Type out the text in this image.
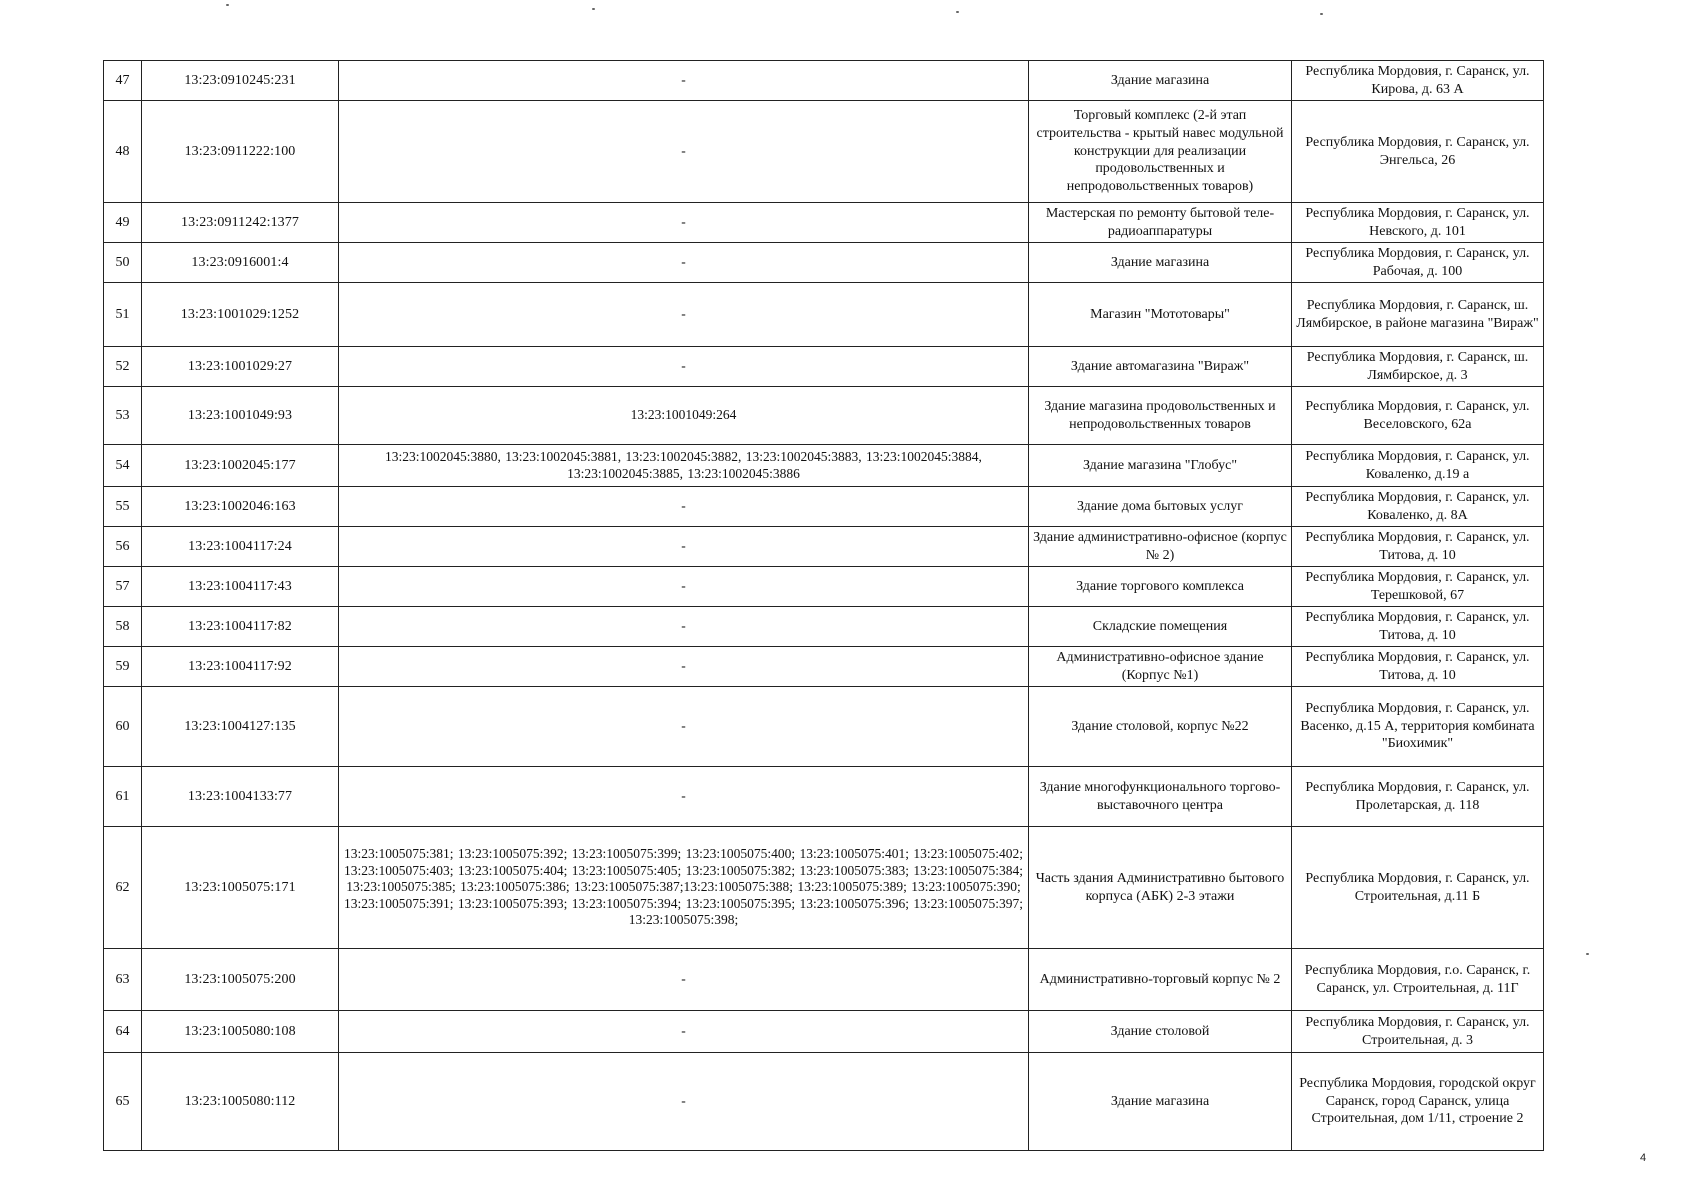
47	13:23:0910245:231	-	Здание магазина	Республика Мордовия, г. Саранск, ул. Кирова, д. 63 А
48	13:23:0911222:100	-	Торговый комплекс (2-й этап строительства - крытый навес модульной конструкции для реализации продовольственных и непродовольственных товаров)	Республика Мордовия, г. Саранск, ул. Энгельса, 26
49	13:23:0911242:1377	-	Мастерская по ремонту бытовой теле-радиоаппаратуры	Республика Мордовия, г. Саранск, ул. Невского, д. 101
50	13:23:0916001:4	-	Здание магазина	Республика Мордовия, г. Саранск, ул. Рабочая, д. 100
51	13:23:1001029:1252	-	Магазин "Мототовары"	Республика Мордовия, г. Саранск, ш. Лямбирское, в районе магазина "Вираж"
52	13:23:1001029:27	-	Здание автомагазина "Вираж"	Республика Мордовия, г. Саранск, ш. Лямбирское, д. 3
53	13:23:1001049:93	13:23:1001049:264	Здание магазина продовольственных и непродовольственных товаров	Республика Мордовия, г. Саранск, ул. Веселовского, 62а
54	13:23:1002045:177	13:23:1002045:3880, 13:23:1002045:3881, 13:23:1002045:3882, 13:23:1002045:3883, 13:23:1002045:3884, 13:23:1002045:3885, 13:23:1002045:3886	Здание магазина "Глобус"	Республика Мордовия, г. Саранск, ул. Коваленко, д.19 а
55	13:23:1002046:163	-	Здание дома бытовых услуг	Республика Мордовия, г. Саранск, ул. Коваленко, д. 8А
56	13:23:1004117:24	-	Здание административно-офисное (корпус № 2)	Республика Мордовия, г. Саранск, ул. Титова, д. 10
57	13:23:1004117:43	-	Здание торгового комплекса	Республика Мордовия, г. Саранск, ул. Терешковой, 67
58	13:23:1004117:82	-	Складские помещения	Республика Мордовия, г. Саранск, ул. Титова, д. 10
59	13:23:1004117:92	-	Административно-офисное здание (Корпус №1)	Республика Мордовия, г. Саранск, ул. Титова, д. 10
60	13:23:1004127:135	-	Здание столовой, корпус №22	Республика Мордовия, г. Саранск, ул. Васенко, д.15 А, территория комбината "Биохимик"
61	13:23:1004133:77	-	Здание многофункционального торгово-выставочного центра	Республика Мордовия, г. Саранск, ул. Пролетарская, д. 118
62	13:23:1005075:171	13:23:1005075:381; 13:23:1005075:392; 13:23:1005075:399; 13:23:1005075:400; 13:23:1005075:401; 13:23:1005075:402; 13:23:1005075:403; 13:23:1005075:404; 13:23:1005075:405; 13:23:1005075:382; 13:23:1005075:383; 13:23:1005075:384; 13:23:1005075:385; 13:23:1005075:386; 13:23:1005075:387;13:23:1005075:388; 13:23:1005075:389; 13:23:1005075:390; 13:23:1005075:391; 13:23:1005075:393; 13:23:1005075:394; 13:23:1005075:395; 13:23:1005075:396; 13:23:1005075:397; 13:23:1005075:398;	Часть здания Административно бытового корпуса (АБК) 2-3 этажи	Республика Мордовия, г. Саранск, ул. Строительная, д.11 Б
63	13:23:1005075:200	-	Административно-торговый корпус № 2	Республика Мордовия, г.о. Саранск, г. Саранск, ул. Строительная, д. 11Г
64	13:23:1005080:108	-	Здание столовой	Республика Мордовия, г. Саранск, ул. Строительная, д. 3
65	13:23:1005080:112	-	Здание магазина	Республика Мордовия, городской округ Саранск, город Саранск, улица Строительная, дом 1/11, строение 2
4
